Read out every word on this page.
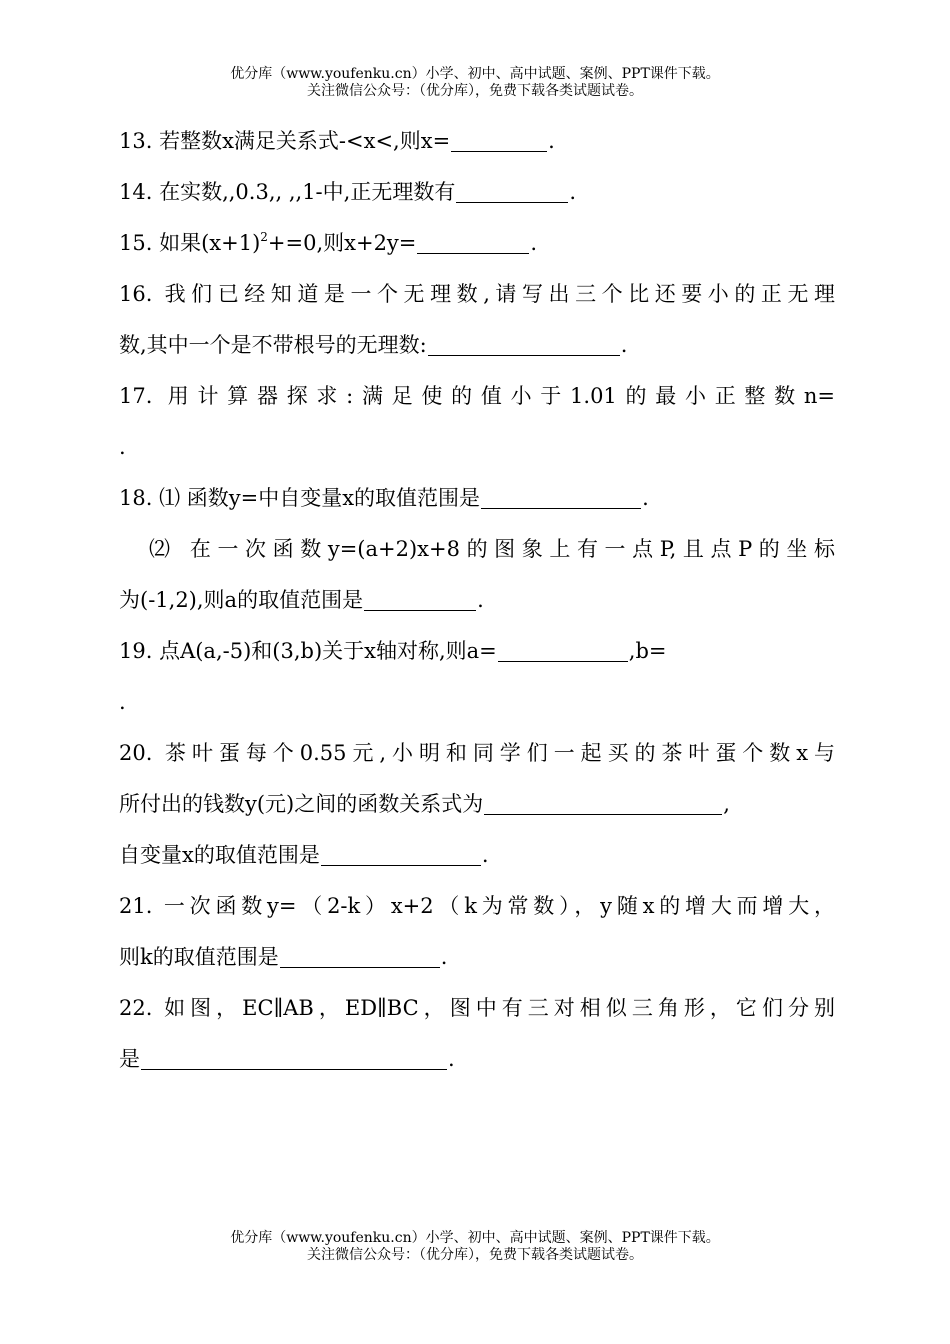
优分库（www.youfenku.cn）小学、初中、高中试题、案例、PPT课件下载。
关注微信公众号：（优分库），免费下载各类试题试卷。
13. 若整数x满足关系式-<x<,则x=	.
14. 在实数,,0.3,, ,,1-中,正无理数有	.
15. 如果$(x+1)^2+=0$,则x+2y=	.
16. 我们已经知道是一个无理数,请写出三个比还要小的正无理
数,其中一个是不带根号的无理数:	.
17. 用计算器探求:满足使的值小于1.01的最小正整数n=
.
18. ⑴ 函数y=中自变量x的取值范围是	.
⑵ 在一次函数y=(a+2)x+8的图象上有一点P,且点P的坐标
为(-1,2),则a的取值范围是	.
19. 点A(a,-5)和(3,b)关于x轴对称,则a=	,b=
.
20. 茶叶蛋每个0.55元,小明和同学们一起买的茶叶蛋个数x与
所付出的钱数y(元)之间的函数关系式为	,
自变量x的取值范围是	.
21. 一次函数y=（2-k）x+2（k为常数），y随x的增大而增大，
则k的取值范围是	.
22. 如图，EC∥AB，ED∥BC，图中有三对相似三角形，它们分别
是	.
优分库（www.youfenku.cn）小学、初中、高中试题、案例、PPT课件下载。
关注微信公众号：（优分库），免费下载各类试题试卷。
